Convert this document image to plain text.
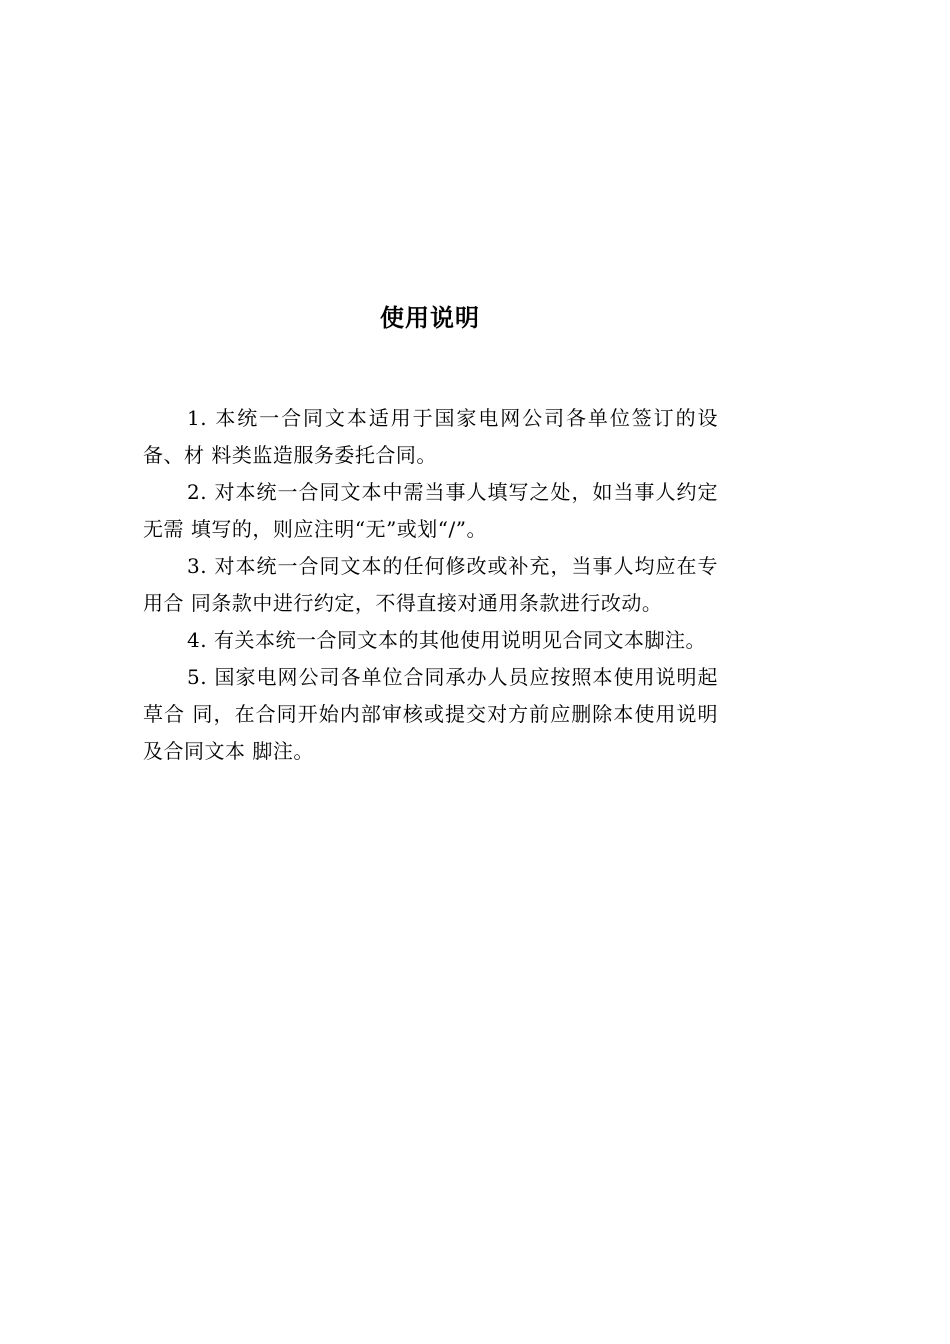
使用说明

1. 本统一合同文本适用于国家电网公司各单位签订的设备、材 料类监造服务委托合同。

2. 对本统一合同文本中需当事人填写之处，如当事人约定无需 填写的，则应注明“无”或划“/”。

3. 对本统一合同文本的任何修改或补充，当事人均应在专用合 同条款中进行约定，不得直接对通用条款进行改动。

4. 有关本统一合同文本的其他使用说明见合同文本脚注。

5. 国家电网公司各单位合同承办人员应按照本使用说明起草合 同，在合同开始内部审核或提交对方前应删除本使用说明及合同文本 脚注。
